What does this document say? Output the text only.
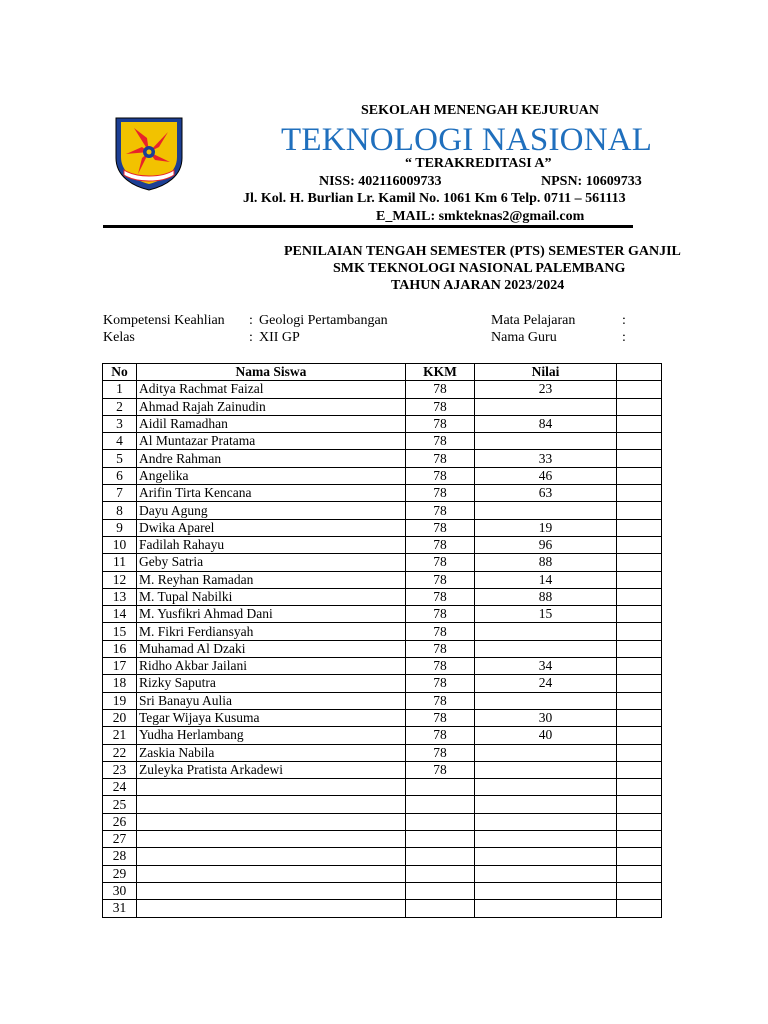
SEKOLAH MENENGAH KEJURUAN
TEKNOLOGI NASIONAL
“ TERAKREDITASI A”
NISS: 402116009733	NPSN: 10609733
Jl. Kol. H. Burlian Lr. Kamil No. 1061 Km 6 Telp. 0711 – 561113
E_MAIL: smkteknas2@gmail.com
PENILAIAN TENGAH SEMESTER (PTS) SEMESTER GANJIL
SMK TEKNOLOGI NASIONAL PALEMBANG
TAHUN AJARAN 2023/2024
Kompetensi Keahlian : Geologi Pertambangan
Kelas	: XII GP
Mata Pelajaran	:
Nama Guru	:
No	Nama Siswa	KKM	Nilai	
1	Aditya Rachmat Faizal	78	23	
2	Ahmad Rajah Zainudin	78		
3	Aidil Ramadhan	78	84	
4	Al Muntazar Pratama	78		
5	Andre Rahman	78	33	
6	Angelika	78	46	
7	Arifin Tirta Kencana	78	63	
8	Dayu Agung	78		
9	Dwika Aparel	78	19	
10	Fadilah Rahayu	78	96	
11	Geby Satria	78	88	
12	M. Reyhan Ramadan	78	14	
13	M. Tupal Nabilki	78	88	
14	M. Yusfikri Ahmad Dani	78	15	
15	M. Fikri Ferdiansyah	78		
16	Muhamad Al Dzaki	78		
17	Ridho Akbar Jailani	78	34	
18	Rizky Saputra	78	24	
19	Sri Banayu Aulia	78		
20	Tegar Wijaya Kusuma	78	30	
21	Yudha Herlambang	78	40	
22	Zaskia Nabila	78		
23	Zuleyka Pratista Arkadewi	78		
24				
25				
26				
27				
28				
29				
30				
31				
